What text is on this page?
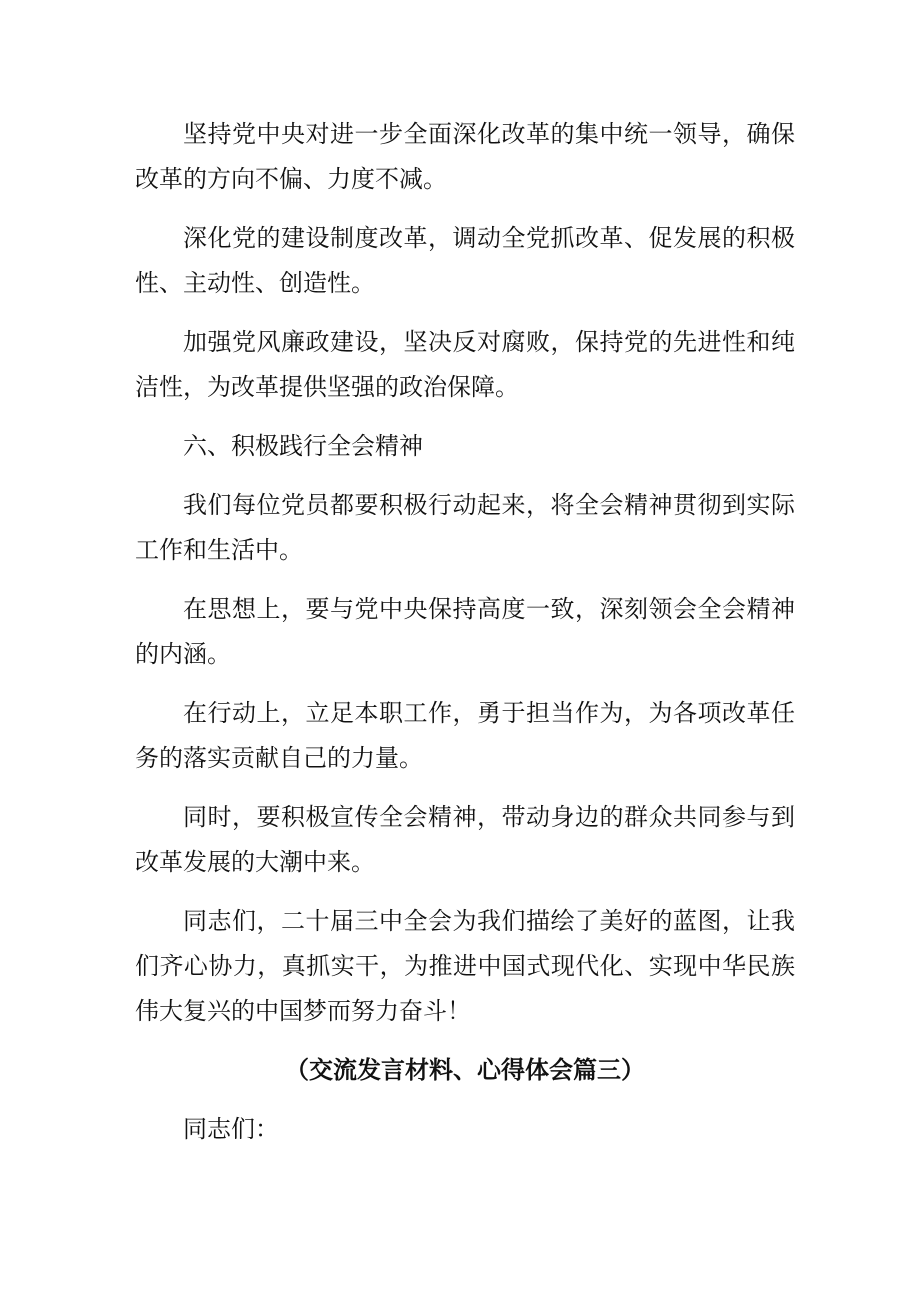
坚持党中央对进一步全面深化改革的集中统一领导，确保改革的方向不偏、力度不减。

深化党的建设制度改革，调动全党抓改革、促发展的积极性、主动性、创造性。

加强党风廉政建设，坚决反对腐败，保持党的先进性和纯洁性，为改革提供坚强的政治保障。

六、积极践行全会精神

我们每位党员都要积极行动起来，将全会精神贯彻到实际工作和生活中。

在思想上，要与党中央保持高度一致，深刻领会全会精神的内涵。

在行动上，立足本职工作，勇于担当作为，为各项改革任务的落实贡献自己的力量。

同时，要积极宣传全会精神，带动身边的群众共同参与到改革发展的大潮中来。

同志们，二十届三中全会为我们描绘了美好的蓝图，让我们齐心协力，真抓实干，为推进中国式现代化、实现中华民族伟大复兴的中国梦而努力奋斗！

（交流发言材料、心得体会篇三）

同志们：
